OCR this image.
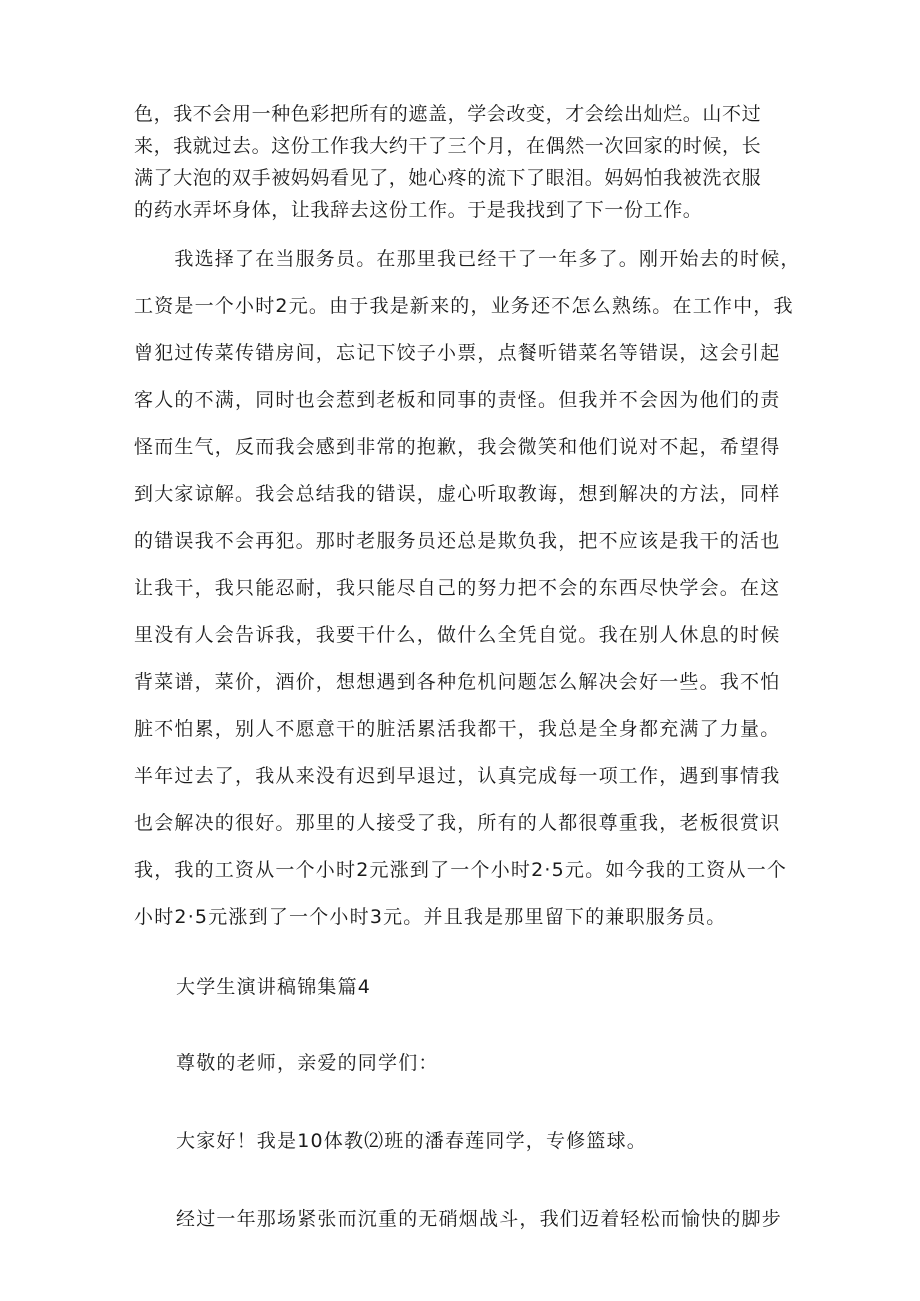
色，我不会用一种色彩把所有的遮盖，学会改变，才会绘出灿烂。山不过
来，我就过去。这份工作我大约干了三个月，在偶然一次回家的时候，长
满了大泡的双手被妈妈看见了，她心疼的流下了眼泪。妈妈怕我被洗衣服
的药水弄坏身体，让我辞去这份工作。于是我找到了下一份工作。
　　我选择了在当服务员。在那里我已经干了一年多了。刚开始去的时候，
工资是一个小时2元。由于我是新来的，业务还不怎么熟练。在工作中，我
曾犯过传菜传错房间，忘记下饺子小票，点餐听错菜名等错误，这会引起
客人的不满，同时也会惹到老板和同事的责怪。但我并不会因为他们的责
怪而生气，反而我会感到非常的抱歉，我会微笑和他们说对不起，希望得
到大家谅解。我会总结我的错误，虚心听取教诲，想到解决的方法，同样
的错误我不会再犯。那时老服务员还总是欺负我，把不应该是我干的活也
让我干，我只能忍耐，我只能尽自己的努力把不会的东西尽快学会。在这
里没有人会告诉我，我要干什么，做什么全凭自觉。我在别人休息的时候
背菜谱，菜价，酒价，想想遇到各种危机问题怎么解决会好一些。我不怕
脏不怕累，别人不愿意干的脏活累活我都干，我总是全身都充满了力量。
半年过去了，我从来没有迟到早退过，认真完成每一项工作，遇到事情我
也会解决的很好。那里的人接受了我，所有的人都很尊重我，老板很赏识
我，我的工资从一个小时2元涨到了一个小时2·5元。如今我的工资从一个
小时2·5元涨到了一个小时3元。并且我是那里留下的兼职服务员。

大学生演讲稿锦集篇4

尊敬的老师，亲爱的同学们：

大家好！我是10体教⑵班的潘春莲同学，专修篮球。

经过一年那场紧张而沉重的无硝烟战斗，我们迈着轻松而愉快的脚步
